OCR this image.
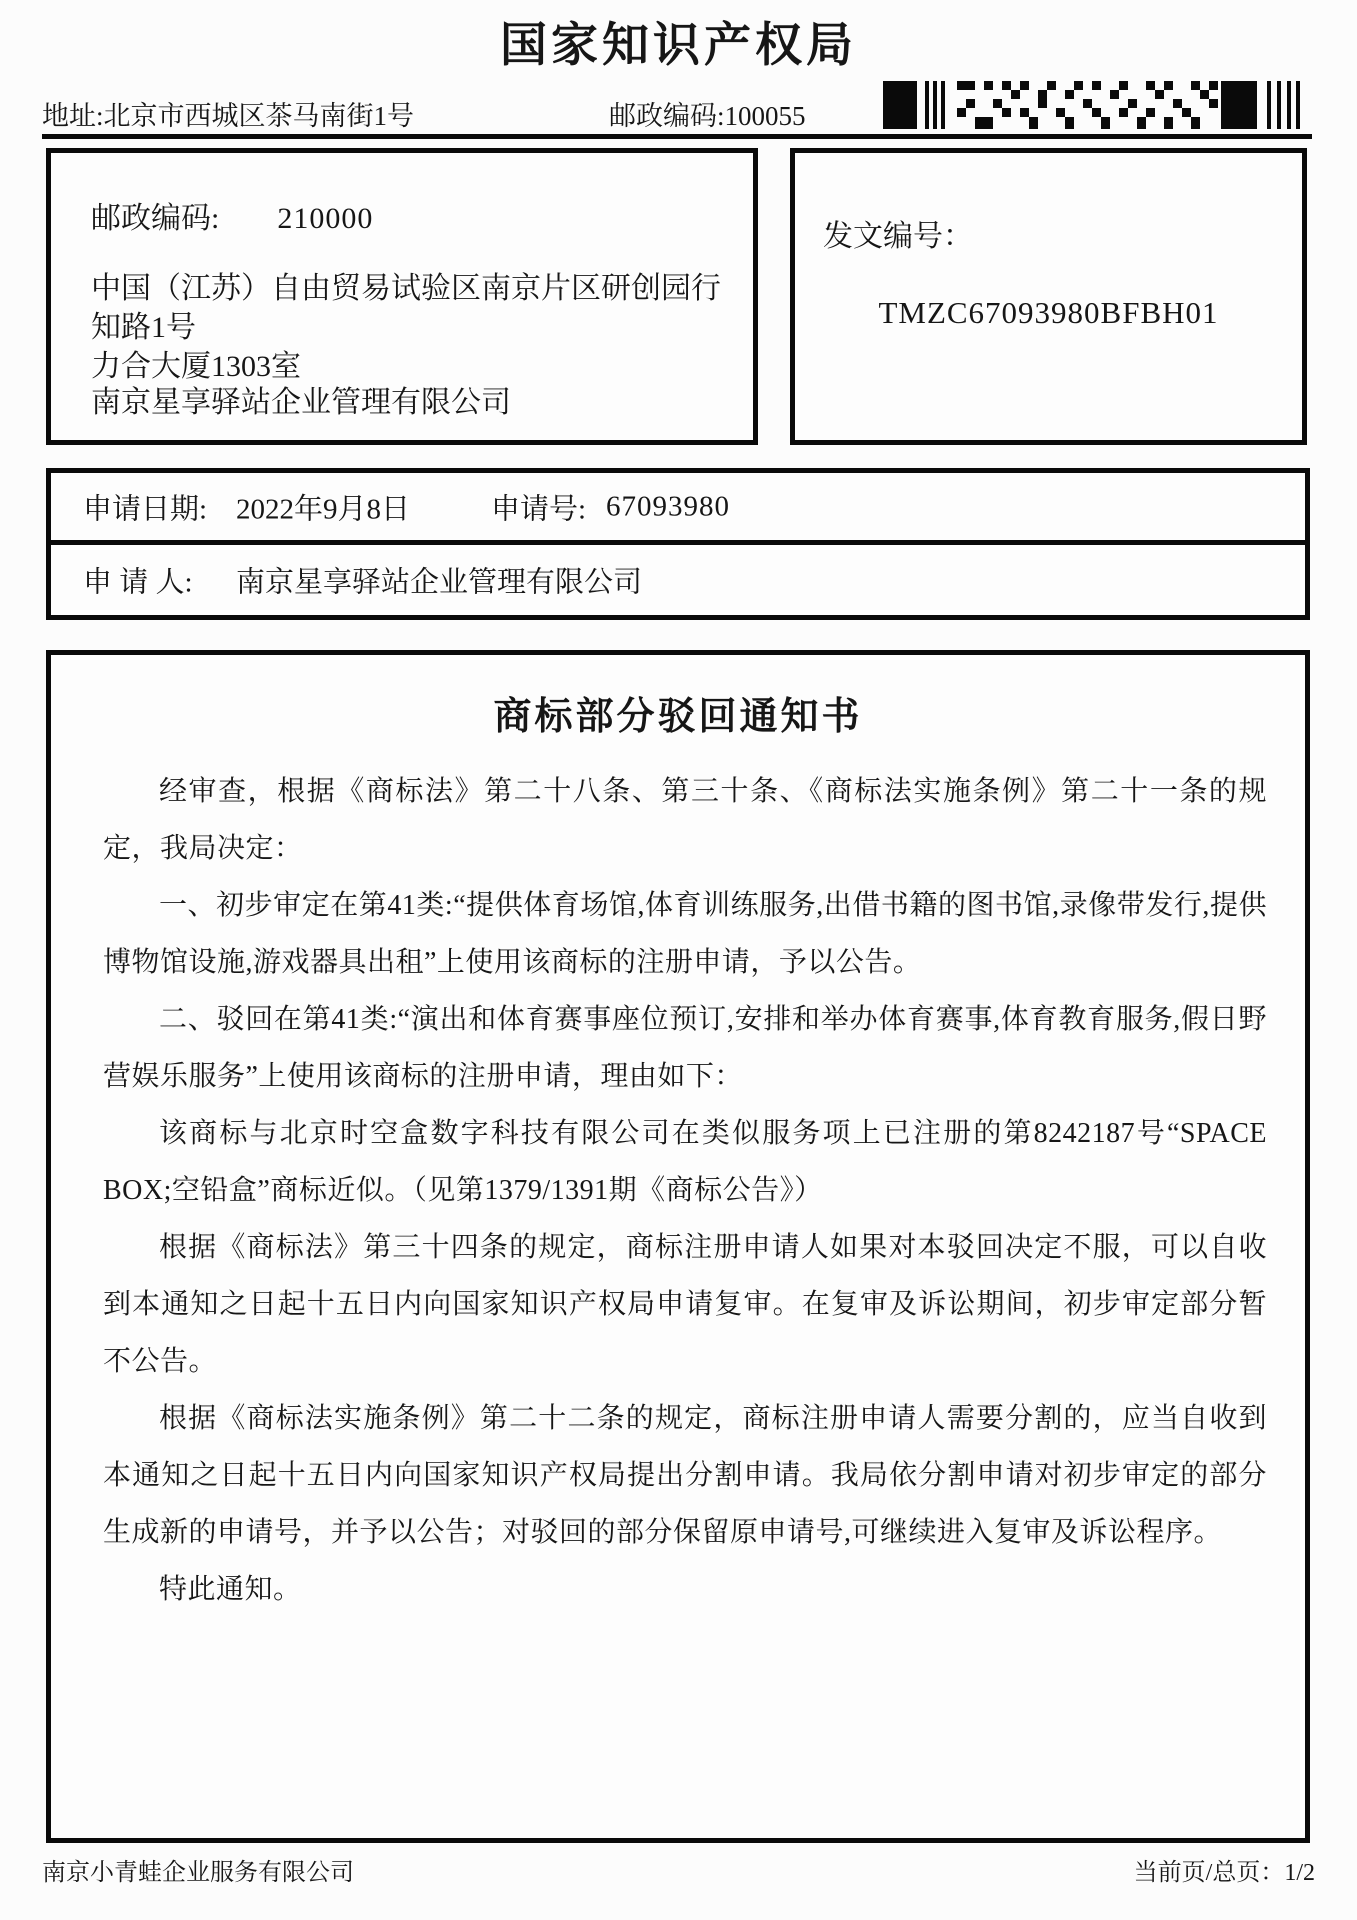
国家知识产权局
地址:北京市西城区茶马南街1号	邮政编码:100055
邮政编码: 210000
中国（江苏）自由贸易试验区南京片区研创园行知路1号
力合大厦1303室
南京星享驿站企业管理有限公司
发文编号：
TMZC67093980BFBH01
申请日期: 2022年9月8日	申请号: 67093980
申 请 人: 南京星享驿站企业管理有限公司
商标部分驳回通知书

经审查，根据《商标法》第二十八条、第三十条、《商标法实施条例》第二十一条的规定，我局决定：

一、初步审定在第41类:“提供体育场馆,体育训练服务,出借书籍的图书馆,录像带发行,提供博物馆设施,游戏器具出租”上使用该商标的注册申请，予以公告。

二、驳回在第41类:“演出和体育赛事座位预订,安排和举办体育赛事,体育教育服务,假日野营娱乐服务”上使用该商标的注册申请，理由如下：

该商标与北京时空盒数字科技有限公司在类似服务项上已注册的第8242187号“SPACE　BOX;空铅盒”商标近似。（见第1379/1391期《商标公告》）

根据《商标法》第三十四条的规定，商标注册申请人如果对本驳回决定不服，可以自收到本通知之日起十五日内向国家知识产权局申请复审。在复审及诉讼期间，初步审定部分暂不公告。

根据《商标法实施条例》第二十二条的规定，商标注册申请人需要分割的，应当自收到本通知之日起十五日内向国家知识产权局提出分割申请。我局依分割申请对初步审定的部分生成新的申请号，并予以公告；对驳回的部分保留原申请号,可继续进入复审及诉讼程序。

特此通知。

南京小青蛙企业服务有限公司	当前页/总页：1/2
